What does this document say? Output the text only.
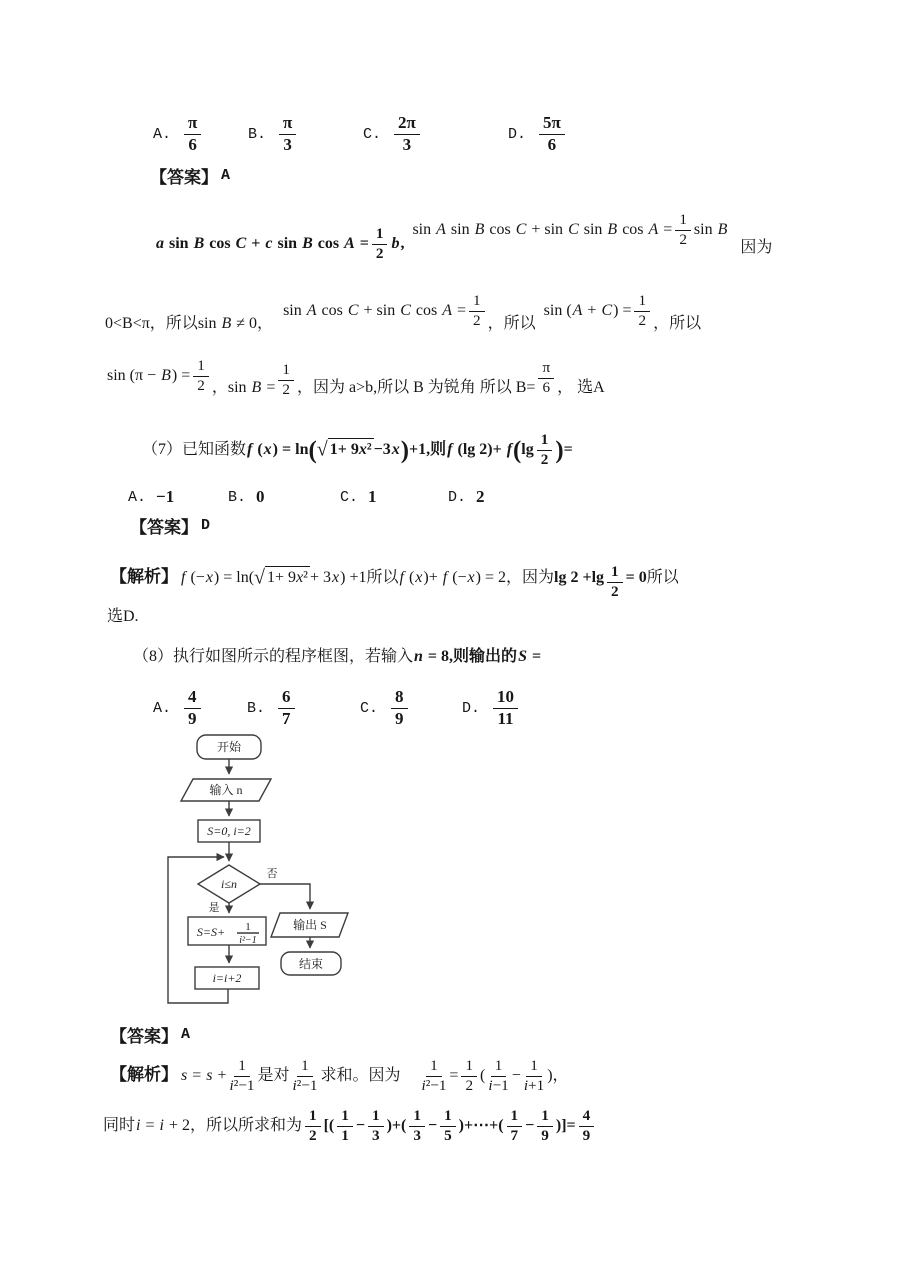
A. $\frac{\pi}{6}$	B. $\frac{\pi}{3}$	C. $\frac{2\pi}{3}$	D. $\frac{5\pi}{6}$
【答案】 A
a sin B cos C + c sin B $\cos A = \frac{1}{2} b,\sin$ A sin B cos C + sin C sin B $\cos A = \frac{1}{2}$ sin B因为
0<B<π，所以sin B ≠ 0，sin A cos C + sin C $\cos A = \frac{1}{2}$ ，所以$\sin (A + C) = \frac{1}{2}$ ，所以
$\sin (\pi - B) = \frac{1}{2}$ ，$\sin B = \frac{1}{2}$ ，因为 a>b,所以 B 为锐角 所以 $B= \frac{\pi}{6}$ ， 选A
（7）已知函数f (x) = ln(√ 1+ 9x² −3x)+1,则f (lg $2)+ f(\lg \frac{1}{2}$ )=
A. −1	B. 0	C. 1	D. 2
【答案】 D
【解析】 f (−x) = ln(√ 1+ 9x² + 3x) +1所以f (x)+ f (−x) = 2，因为$\lg 2 +\lg \frac{1}{2} = 0$所以
选D.
（8）执行如图所示的程序框图，若输入n = 8,则输出的S =
A. $\frac{4}{9}$	B. $\frac{6}{7}$	C. $\frac{8}{9}$	D. $\frac{10}{11}$
开始
输入 n
S=0, i=2
i≤n
否
是
S=S+ 1
i²−1
i=i+2
输出 S
结束
【答案】 A
【解析】 $s = s + \frac{1}{\text{i²−1}}$ 是对 $\frac{1}{\text{i²−1}}$ 求和。因为 $\frac{1}{\text{i²−1}} = \frac{1}{2}$ ( $\frac{1}{i-1} - \frac{1}{i+1}$ )，
同时i = i + 2，所以所求和为 $\frac{1}{2}$ [( $\frac{1}{1} - \frac{1}{3}$ )+( $\frac{1}{3} - \frac{1}{5}$ )+⋯+( $\frac{1}{7} - \frac{1}{9}$ )]= $\frac{4}{9}$
